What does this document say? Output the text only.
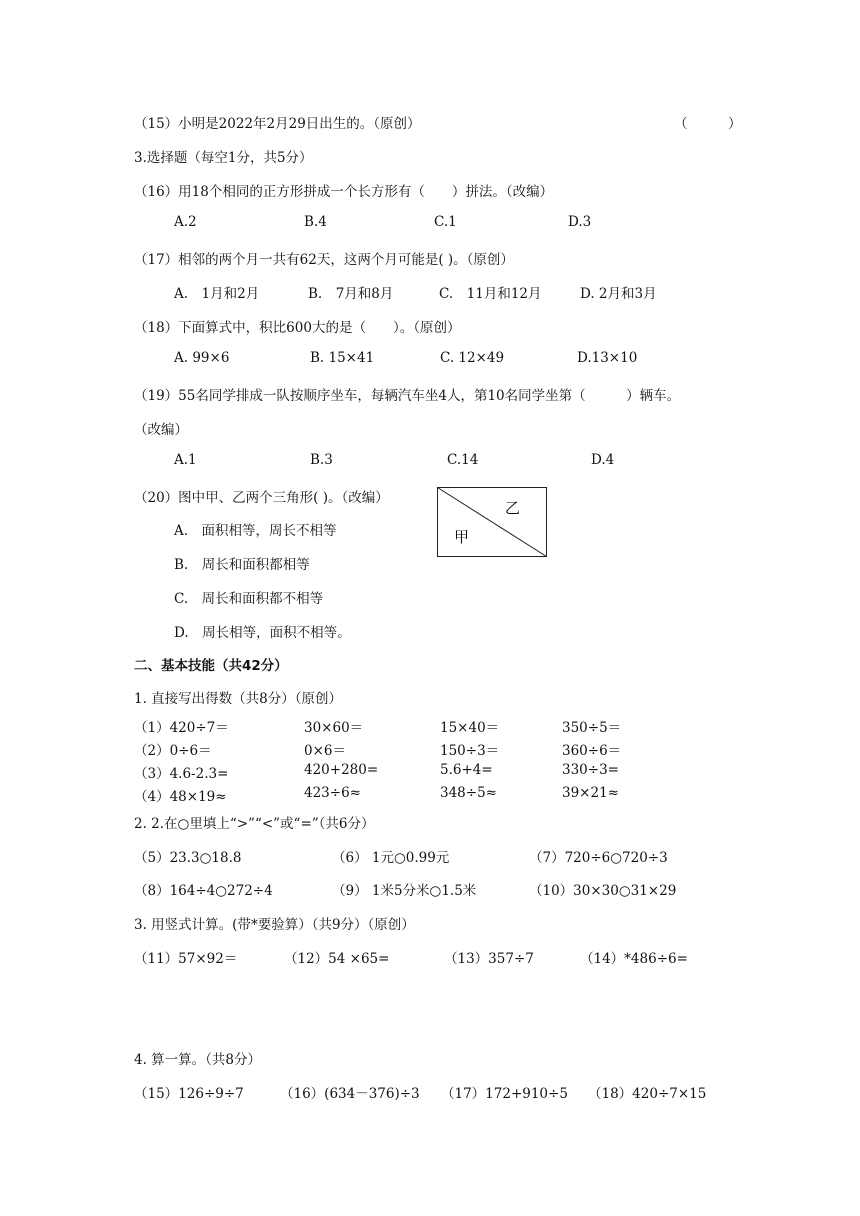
（15）小明是2022年2月29日出生的。（原创）	（　　　）
3.选择题（每空1分，共5分）
（16）用18个相同的正方形拼成一个长方形有（　　）拼法。（改编）
A.2	B.4	C.1	D.3
（17）相邻的两个月一共有62天，这两个月可能是( )。（原创）
A.　1月和2月	B.　7月和8月	C.　11月和12月	D. 2月和3月
（18）下面算式中，积比600大的是（　　）。（原创）
A. 99×6	B. 15×41	C. 12×49	D.13×10
（19）55名同学排成一队按顺序坐车，每辆汽车坐4人，第10名同学坐第（　　　）辆车。
（改编）
A.1	B.3	C.14	D.4
（20）图中甲、乙两个三角形( )。（改编）
A.　面积相等，周长不相等
B.　周长和面积都相等
C.　周长和面积都不相等
D.　周长相等，面积不相等。
乙
甲
二、基本技能（共42分）
1. 直接写出得数（共8分）（原创）
（1）420÷7＝	30×60＝	15×40＝	350÷5＝
（2）0÷6＝	0×6＝	150÷3＝	360÷6＝
（3）4.6-2.3=	420+280=	5.6+4=	330÷3=
（4）48×19≈	423÷6≈	348÷5≈	39×21≈
2. 2.在○里填上“>”“<”或“=”（共6分）
（5）23.3○18.8	（6） 1元○0.99元	（7）720÷6○720÷3
（8）164÷4○272÷4	（9） 1米5分米○1.5米	（10）30×30○31×29
3. 用竖式计算。(带*要验算）（共9分）（原创）
（11）57×92＝	（12）54 ×65=	（13）357÷7	（14）*486÷6=
4. 算一算。（共8分）
（15）126÷9÷7	（16）(634－376)÷3 （17）172+910÷5 （18）420÷7×15
